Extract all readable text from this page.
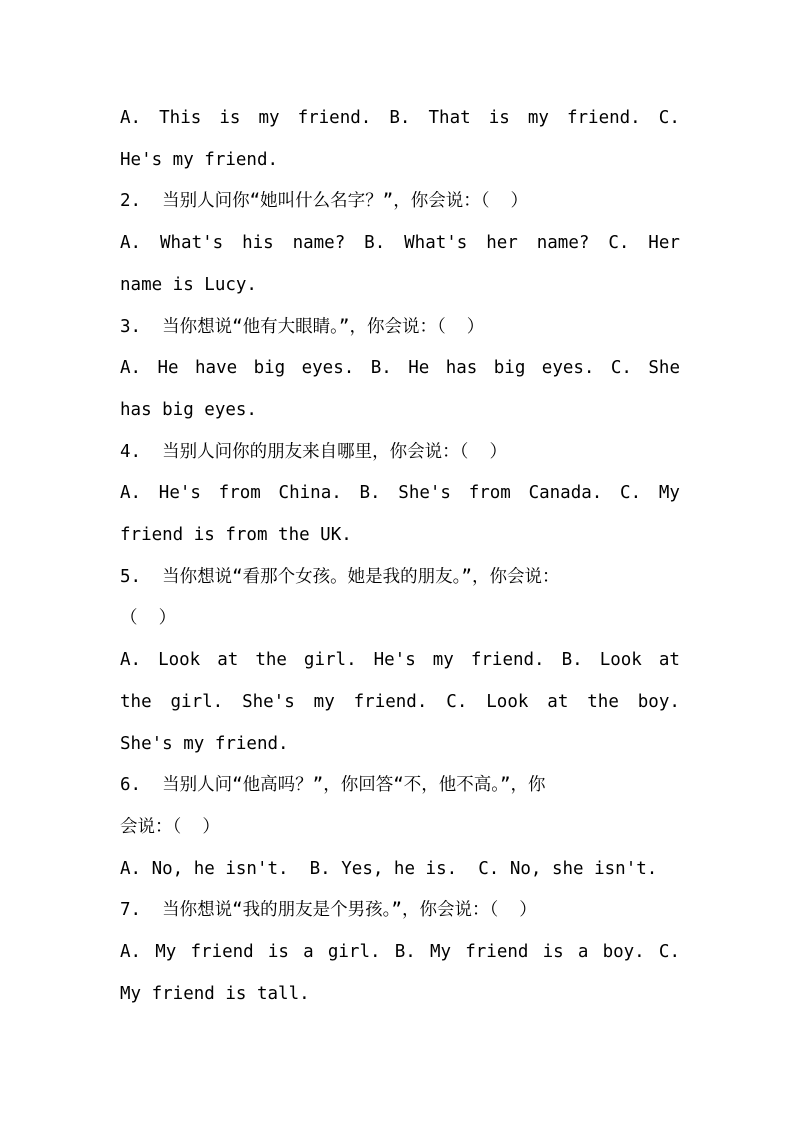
A. This is my friend. B. That is my friend. C.
He's my friend.
2.  当别人问你“她叫什么名字？”，你会说：（  ）
A. What's his name? B. What's her name? C. Her
name is Lucy.
3.  当你想说“他有大眼睛。”，你会说：（  ）
A. He have big eyes. B. He has big eyes. C. She
has big eyes.
4.  当别人问你的朋友来自哪里，你会说：（  ）
A. He's from China. B. She's from Canada. C. My
friend is from the UK.
5.  当你想说“看那个女孩。她是我的朋友。”，你会说：
（  ）
A. Look at the girl. He's my friend. B. Look at
the girl. She's my friend. C. Look at the boy.
She's my friend.
6.  当别人问“他高吗？”，你回答“不，他不高。”，你
会说：（  ）
A. No, he isn't.  B. Yes, he is.  C. No, she isn't.
7.  当你想说“我的朋友是个男孩。”，你会说：（  ）
A. My friend is a girl. B. My friend is a boy. C.
My friend is tall.
